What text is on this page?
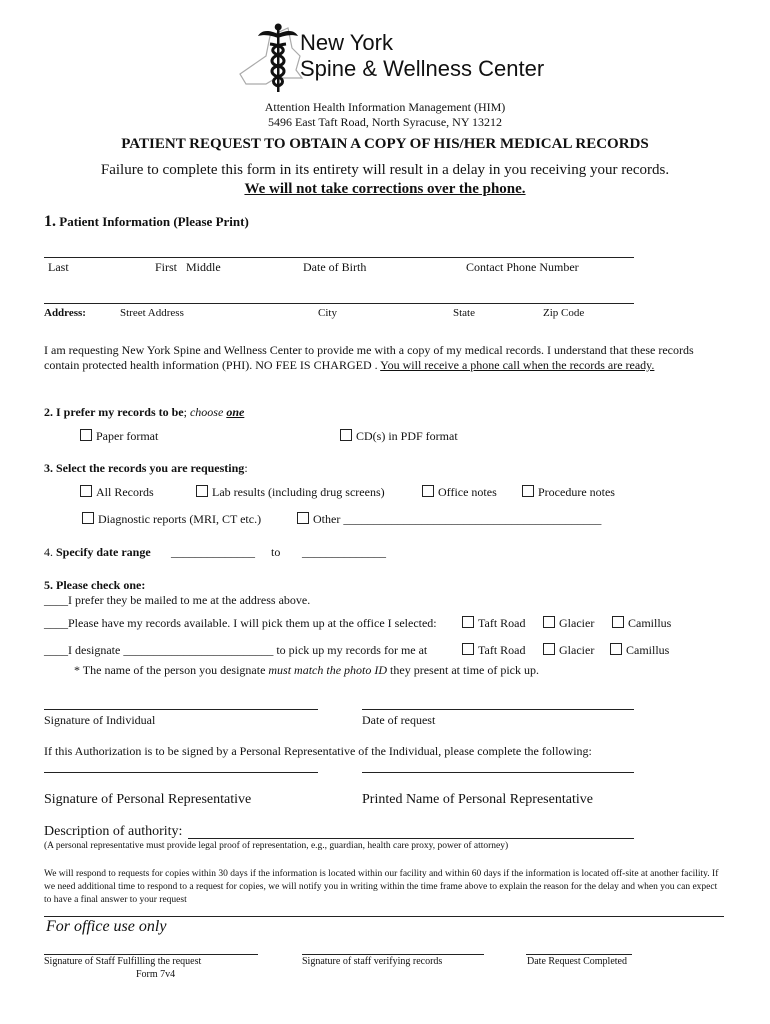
New York
Spine & Wellness Center
Attention Health Information Management (HIM)
5496 East Taft Road, North Syracuse, NY 13212
PATIENT REQUEST TO OBTAIN A COPY OF HIS/HER MEDICAL RECORDS
Failure to complete this form in its entirety will result in a delay in you receiving your records.
We will not take corrections over the phone.
1. Patient Information (Please Print)
Last	First   Middle	Date of Birth	Contact Phone Number
Address:	Street Address	City	State	Zip Code
I am requesting New York Spine and Wellness Center to provide me with a copy of my medical records. I understand that these records contain protected health information (PHI). NO FEE IS CHARGED . You will receive a phone call when the records are ready.
2. I prefer my records to be; choose one
Paper format	CD(s) in PDF format
3. Select the records you are requesting:
All Records	Lab results (including drug screens)	Office notes	Procedure notes
Diagnostic reports (MRI, CT etc.)	Other ___________________________________________
4. Specify date range ______________ to ______________
5. Please check one:
____I prefer they be mailed to me at the address above.
____Please have my records available. I will pick them up at the office I selected:	Taft Road	Glacier	Camillus
____I designate _________________________ to pick up my records for me at	Taft Road	Glacier	Camillus
* The name of the person you designate must match the photo ID they present at time of pick up.
Signature of Individual	Date of request
If this Authorization is to be signed by a Personal Representative of the Individual, please complete the following:
Signature of Personal Representative	Printed Name of Personal Representative
Description of authority:
(A personal representative must provide legal proof of representation, e.g., guardian, health care proxy, power of attorney)
We will respond to requests for copies within 30 days if the information is located within our facility and within 60 days if the information is located off-site at another facility. If we need additional time to respond to a request for copies, we will notify you in writing within the time frame above to explain the reason for the delay and when you can expect to have a final answer to your request
For office use only
Signature of Staff Fulfilling the request	Signature of staff verifying records	Date Request Completed
Form 7v4
